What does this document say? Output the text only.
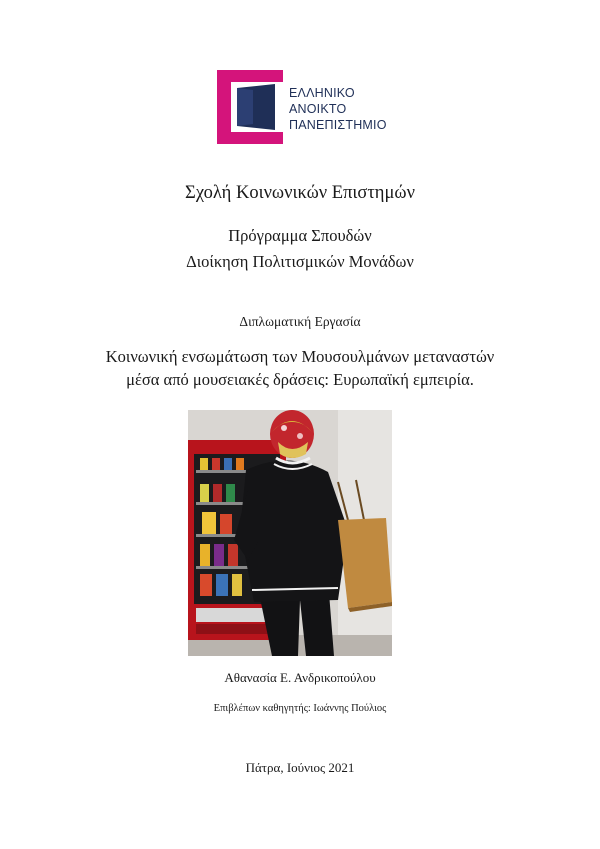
ΕΛΛΗΝΙΚΟ
ΑΝΟΙΚΤΟ
ΠΑΝΕΠΙΣΤΗΜΙΟ
Σχολή Κοινωνικών Επιστημών
Πρόγραμμα Σπουδών
Διοίκηση Πολιτισμικών Μονάδων
Διπλωματική Εργασία
Κοινωνική ενσωμάτωση των Μουσουλμάνων μεταναστών
μέσα από μουσειακές δράσεις: Ευρωπαϊκή εμπειρία.
Αθανασία Ε. Ανδρικοπούλου
Επιβλέπων καθηγητής: Ιωάννης Πούλιος
Πάτρα, Ιούνιος 2021
